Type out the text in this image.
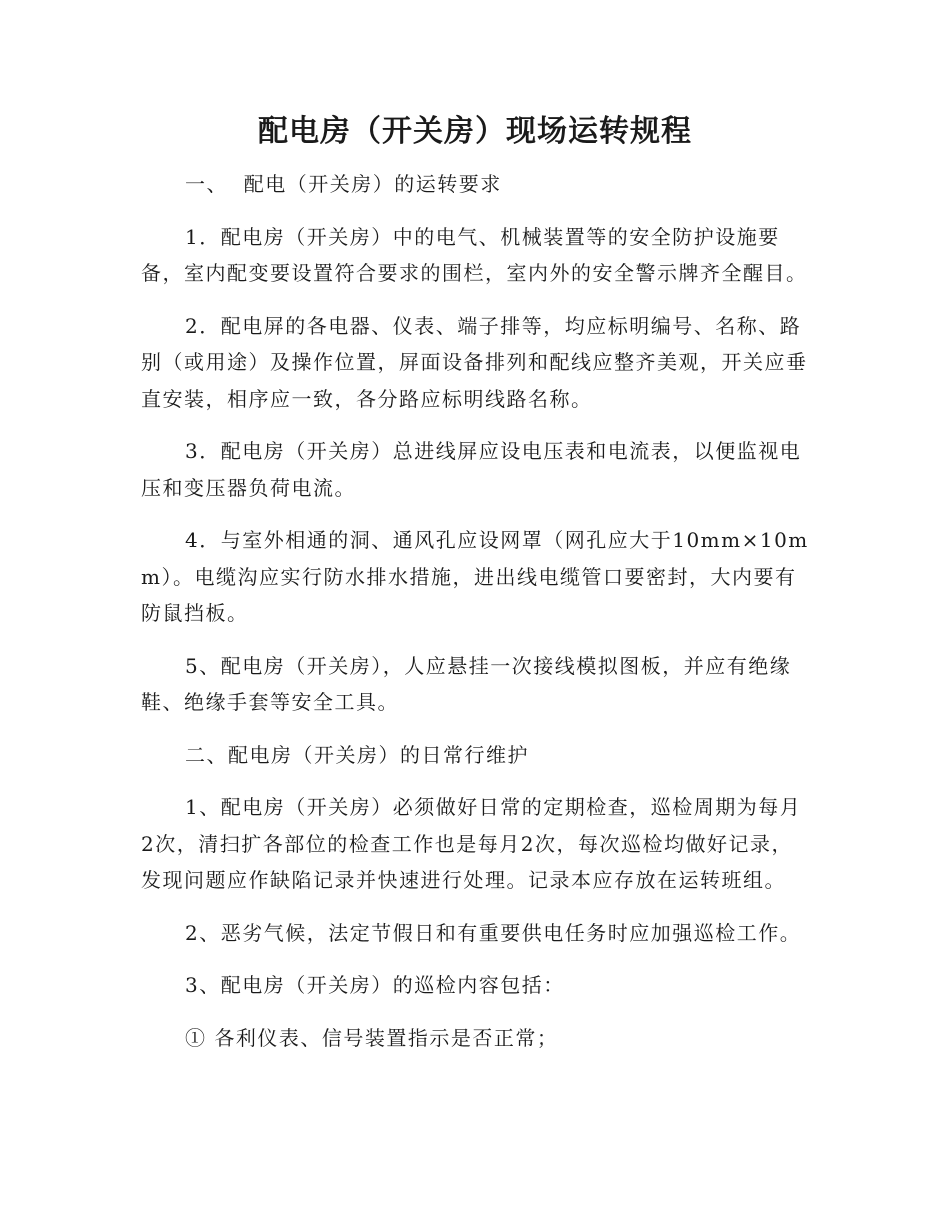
配电房（开关房）现场运转规程

一、  配电（开关房）的运转要求

1．配电房（开关房）中的电气、机械装置等的安全防护设施要备，室内配变要设置符合要求的围栏，室内外的安全警示牌齐全醒目。

2．配电屏的各电器、仪表、端子排等，均应标明编号、名称、路别（或用途）及操作位置，屏面设备排列和配线应整齐美观，开关应垂直安装，相序应一致，各分路应标明线路名称。

3．配电房（开关房）总进线屏应设电压表和电流表，以便监视电压和变压器负荷电流。

4．与室外相通的洞、通风孔应设网罩（网孔应大于10mm×10mm）。电缆沟应实行防水排水措施，进出线电缆管口要密封，大内要有防鼠挡板。

5、配电房（开关房），人应悬挂一次接线模拟图板，并应有绝缘鞋、绝缘手套等安全工具。

二、配电房（开关房）的日常行维护

1、配电房（开关房）必须做好日常的定期检查，巡检周期为每月2次，清扫扩各部位的检查工作也是每月2次，每次巡检均做好记录，发现问题应作缺陷记录并快速进行处理。记录本应存放在运转班组。

2、恶劣气候，法定节假日和有重要供电任务时应加强巡检工作。

3、配电房（开关房）的巡检内容包括：

① 各利仪表、信号装置指示是否正常；
